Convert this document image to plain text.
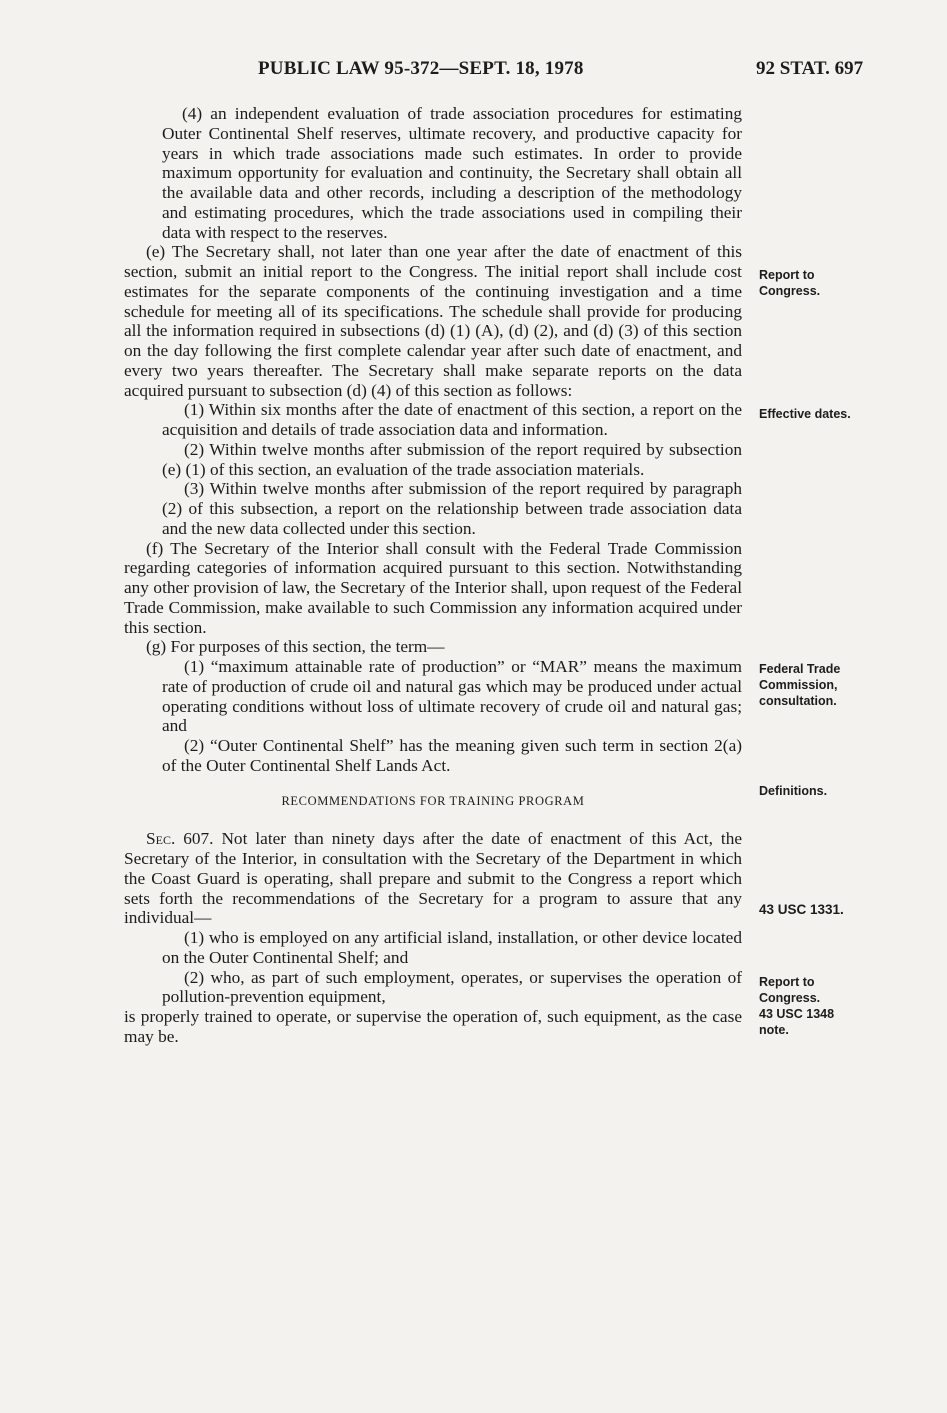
PUBLIC LAW 95-372—SEPT. 18, 1978	92 STAT. 697

(4) an independent evaluation of trade association procedures for estimating Outer Continental Shelf reserves, ultimate recovery, and productive capacity for years in which trade associations made such estimates. In order to provide maximum opportunity for evaluation and continuity, the Secretary shall obtain all the available data and other records, including a description of the methodology and estimating procedures, which the trade associations used in compiling their data with respect to the reserves.

(e) The Secretary shall, not later than one year after the date of enactment of this section, submit an initial report to the Congress. The initial report shall include cost estimates for the separate components of the continuing investigation and a time schedule for meeting all of its specifications. The schedule shall provide for producing all the information required in subsections (d) (1) (A), (d) (2), and (d) (3) of this section on the day following the first complete calendar year after such date of enactment, and every two years thereafter. The Secretary shall make separate reports on the data acquired pursuant to subsection (d) (4) of this section as follows:

(1) Within six months after the date of enactment of this section, a report on the acquisition and details of trade association data and information.

(2) Within twelve months after submission of the report required by subsection (e) (1) of this section, an evaluation of the trade association materials.

(3) Within twelve months after submission of the report required by paragraph (2) of this subsection, a report on the relationship between trade association data and the new data collected under this section.

(f) The Secretary of the Interior shall consult with the Federal Trade Commission regarding categories of information acquired pursuant to this section. Notwithstanding any other provision of law, the Secretary of the Interior shall, upon request of the Federal Trade Commission, make available to such Commission any information acquired under this section.

(g) For purposes of this section, the term—

(1) “maximum attainable rate of production” or “MAR” means the maximum rate of production of crude oil and natural gas which may be produced under actual operating conditions without loss of ultimate recovery of crude oil and natural gas; and

(2) “Outer Continental Shelf” has the meaning given such term in section 2(a) of the Outer Continental Shelf Lands Act.

RECOMMENDATIONS FOR TRAINING PROGRAM

Sec. 607. Not later than ninety days after the date of enactment of this Act, the Secretary of the Interior, in consultation with the Secretary of the Department in which the Coast Guard is operating, shall prepare and submit to the Congress a report which sets forth the recommendations of the Secretary for a program to assure that any individual—

(1) who is employed on any artificial island, installation, or other device located on the Outer Continental Shelf; and

(2) who, as part of such employment, operates, or supervises the operation of pollution-prevention equipment,

is properly trained to operate, or supervise the operation of, such equipment, as the case may be.

Report to
Congress.
Effective dates.
Federal Trade
Commission,
consultation.
Definitions.
43 USC 1331.
Report to
Congress.
43 USC 1348
note.
